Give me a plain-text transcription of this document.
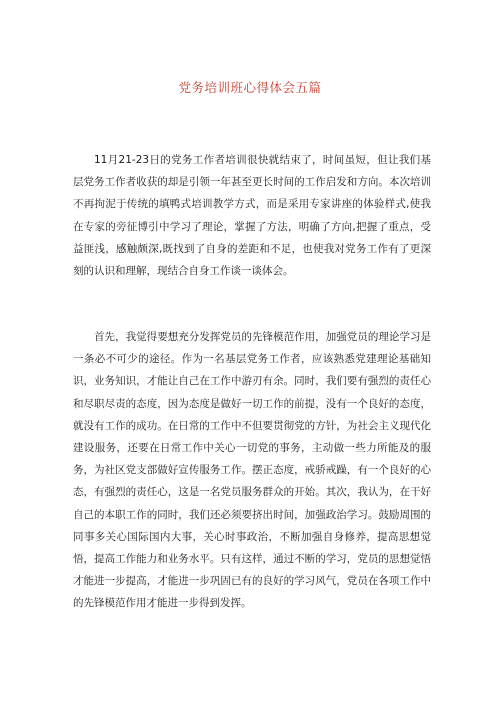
党务培训班心得体会五篇

11月21-23日的党务工作者培训很快就结束了，时间虽短，但让我们基层党务工作者收获的却是引领一年甚至更长时间的工作启发和方向。本次培训不再拘泥于传统的填鸭式培训教学方式，而是采用专家讲座的体验样式,使我在专家的旁征博引中学习了理论，掌握了方法，明确了方向,把握了重点，受益匪浅，感触颇深,既找到了自身的差距和不足，也使我对党务工作有了更深刻的认识和理解，现结合自身工作谈一谈体会。

首先，我觉得要想充分发挥党员的先锋模范作用，加强党员的理论学习是一条必不可少的途径。作为一名基层党务工作者，应该熟悉党建理论基础知识，业务知识，才能让自己在工作中游刃有余。同时，我们要有强烈的责任心和尽职尽责的态度，因为态度是做好一切工作的前提，没有一个良好的态度，就没有工作的成功。在日常的工作中不但要贯彻党的方针，为社会主义现代化建设服务，还要在日常工作中关心一切党的事务，主动做一些力所能及的服务，为社区党支部做好宣传服务工作。摆正态度，戒骄戒躁，有一个良好的心态，有强烈的责任心，这是一名党员服务群众的开始。其次，我认为，在干好自己的本职工作的同时，我们还必须要挤出时间，加强政治学习。鼓励周围的同事多关心国际国内大事，关心时事政治，不断加强自身修养，提高思想觉悟，提高工作能力和业务水平。只有这样，通过不断的学习，党员的思想觉悟才能进一步提高，才能进一步巩固已有的良好的学习风气，党员在各项工作中的先锋模范作用才能进一步得到发挥。
